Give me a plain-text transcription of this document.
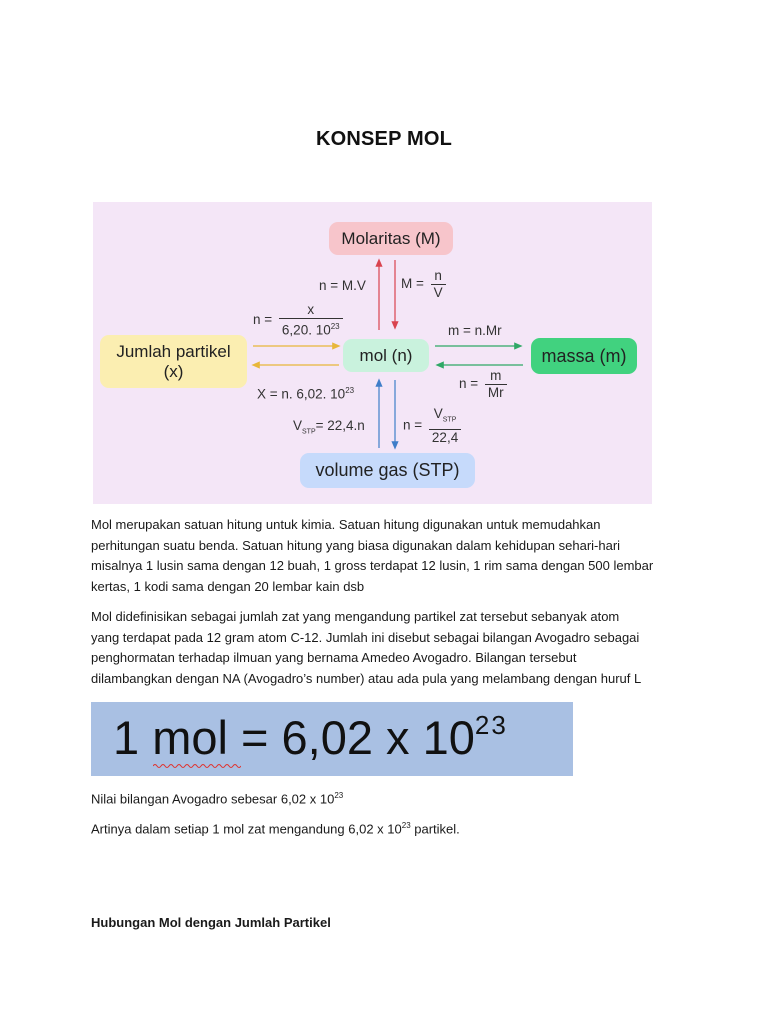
KONSEP MOL
Molaritas (M)
mol (n)
Jumlah partikel
(x)
massa (m)
volume gas (STP)
n = M.V	$M = \frac{n}{V}$
$n = \frac{x}{6,20. 10^{23}}$
X = n. 6,02. $10^{23}$
m = n.Mr
$n = \frac{m}{Mr}$
$V_{STP}= 22,4.n$	$n = \frac{V_{STP}}{22,4}$
Mol merupakan satuan hitung untuk kimia. Satuan hitung digunakan untuk memudahkan
perhitungan suatu benda. Satuan hitung yang biasa digunakan dalam kehidupan sehari-hari
misalnya 1 lusin sama dengan 12 buah, 1 gross terdapat 12 lusin, 1 rim sama dengan 500 lembar
kertas, 1 kodi sama dengan 20 lembar kain dsb
Mol didefinisikan sebagai jumlah zat yang mengandung partikel zat tersebut sebanyak atom
yang terdapat pada 12 gram atom C-12. Jumlah ini disebut sebagai bilangan Avogadro sebagai
penghormatan terhadap ilmuan yang bernama Amedeo Avogadro. Bilangan tersebut
dilambangkan dengan NA (Avogadro’s number) atau ada pula yang melambang dengan huruf L
1 mol = 6,02 x $10^{23}$
Nilai bilangan Avogadro sebesar 6,02 x $10^{23}$
Artinya dalam setiap 1 mol zat mengandung 6,02 x $10^{23}$ partikel.
Hubungan Mol dengan Jumlah Partikel
